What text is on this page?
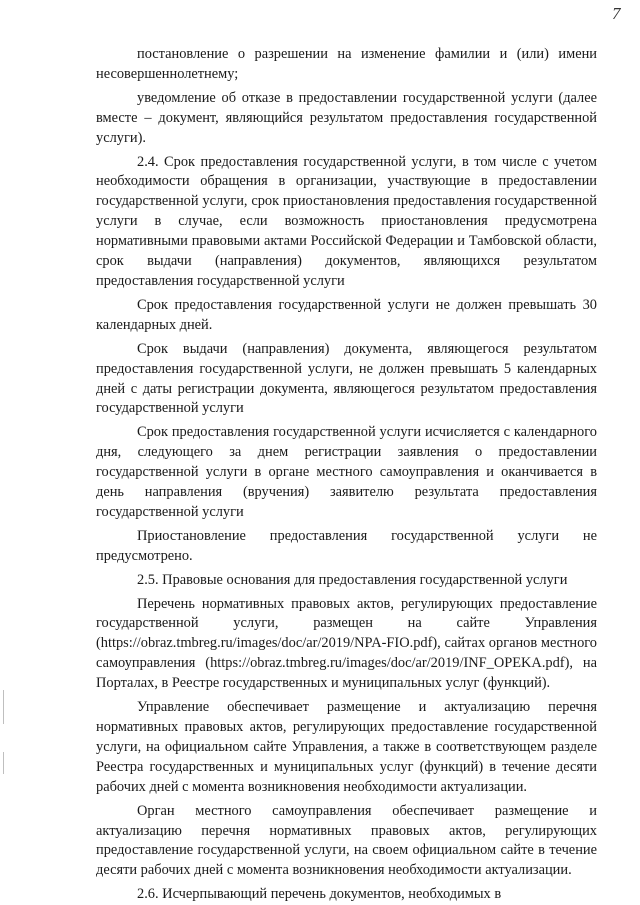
7

постановление о разрешении на изменение фамилии и (или) имени несовершеннолетнему;

уведомление об отказе в предоставлении государственной услуги (далее вместе – документ, являющийся результатом предоставления государственной услуги).

2.4. Срок предоставления государственной услуги, в том числе с учетом необходимости обращения в организации, участвующие в предоставлении государственной услуги, срок приостановления предоставления государственной услуги в случае, если возможность приостановления предусмотрена нормативными правовыми актами Российской Федерации и Тамбовской области, срок выдачи (направления) документов, являющихся результатом предоставления государственной услуги

Срок предоставления государственной услуги не должен превышать 30 календарных дней.

Срок выдачи (направления) документа, являющегося результатом предоставления государственной услуги, не должен превышать 5 календарных дней с даты регистрации документа, являющегося результатом предоставления государственной услуги

Срок предоставления государственной услуги исчисляется с календарного дня, следующего за днем регистрации заявления о предоставлении государственной услуги в органе местного самоуправления и оканчивается в день направления (вручения) заявителю результата предоставления государственной услуги

Приостановление предоставления государственной услуги не предусмотрено.

2.5. Правовые основания для предоставления государственной услуги

Перечень нормативных правовых актов, регулирующих предоставление государственной услуги, размещен на сайте Управления (https://obraz.tmbreg.ru/images/doc/ar/2019/NPA-FIO.pdf), сайтах органов местного самоуправления (https://obraz.tmbreg.ru/images/doc/ar/2019/INF_OPEKA.pdf), на Порталах, в Реестре государственных и муниципальных услуг (функций).

Управление обеспечивает размещение и актуализацию перечня нормативных правовых актов, регулирующих предоставление государственной услуги, на официальном сайте Управления, а также в соответствующем разделе Реестра государственных и муниципальных услуг (функций) в течение десяти рабочих дней с момента возникновения необходимости актуализации.

Орган местного самоуправления обеспечивает размещение и актуализацию перечня нормативных правовых актов, регулирующих предоставление государственной услуги, на своем официальном сайте в течение десяти рабочих дней с момента возникновения необходимости актуализации.

2.6. Исчерпывающий перечень документов, необходимых в
